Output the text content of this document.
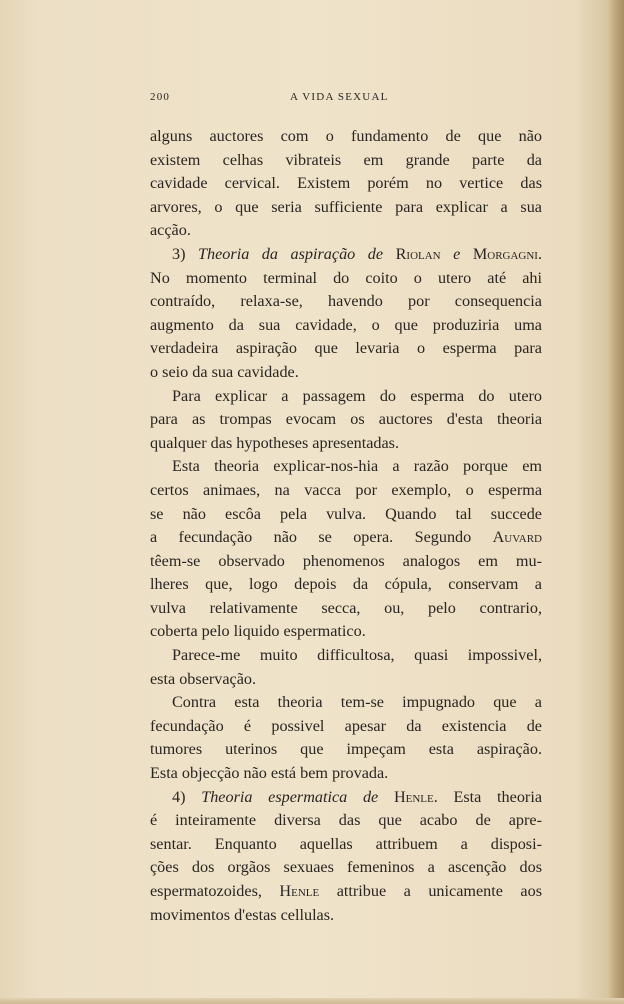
200	A VIDA SEXUAL
alguns auctores com o fundamento de que não
existem celhas vibrateis em grande parte da
cavidade cervical. Existem porém no vertice das
arvores, o que seria sufficiente para explicar a sua
acção.
3) Theoria da aspiração de Riolan e Morgagni.
No momento terminal do coito o utero até ahi
contraído, relaxa-se, havendo por consequencia
augmento da sua cavidade, o que produziria uma
verdadeira aspiração que levaria o esperma para
o seio da sua cavidade.
Para explicar a passagem do esperma do utero
para as trompas evocam os auctores d'esta theoria
qualquer das hypotheses apresentadas.
Esta theoria explicar-nos-hia a razão porque em
certos animaes, na vacca por exemplo, o esperma
se não escôa pela vulva. Quando tal succede
a fecundação não se opera. Segundo Auvard
têem-se observado phenomenos analogos em mu-
lheres que, logo depois da cópula, conservam a
vulva relativamente secca, ou, pelo contrario,
coberta pelo liquido espermatico.
Parece-me muito difficultosa, quasi impossivel,
esta observação.
Contra esta theoria tem-se impugnado que a
fecundação é possivel apesar da existencia de
tumores uterinos que impeçam esta aspiração.
Esta objecção não está bem provada.
4) Theoria espermatica de Henle. Esta theoria
é inteiramente diversa das que acabo de apre-
sentar. Enquanto aquellas attribuem a disposi-
ções dos orgãos sexuaes femeninos a ascenção dos
espermatozoides, Henle attribue a unicamente aos
movimentos d'estas cellulas.
